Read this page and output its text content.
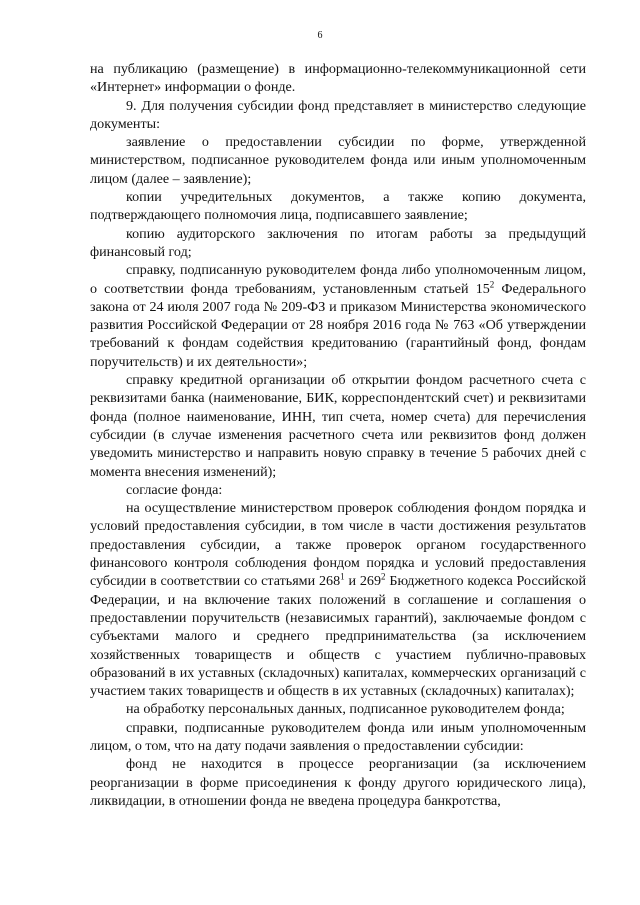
6

на публикацию (размещение) в информационно-телекоммуникационной сети «Интернет» информации о фонде.

9. Для получения субсидии фонд представляет в министерство следующие документы:

заявление о предоставлении субсидии по форме, утвержденной министерством, подписанное руководителем фонда или иным уполномоченным лицом (далее – заявление);

копии учредительных документов, а также копию документа, подтверждающего полномочия лица, подписавшего заявление;

копию аудиторского заключения по итогам работы за предыдущий финансовый год;

справку, подписанную руководителем фонда либо уполномоченным лицом, о соответствии фонда требованиям, установленным статьей $15^2$ Федерального закона от 24 июля 2007 года № 209-ФЗ и приказом Министерства экономического развития Российской Федерации от 28 ноября 2016 года № 763 «Об утверждении требований к фондам содействия кредитованию (гарантийный фонд, фондам поручительств) и их деятельности»;

справку кредитной организации об открытии фондом расчетного счета с реквизитами банка (наименование, БИК, корреспондентский счет) и реквизитами фонда (полное наименование, ИНН, тип счета, номер счета) для перечисления субсидии (в случае изменения расчетного счета или реквизитов фонд должен уведомить министерство и направить новую справку в течение 5 рабочих дней с момента внесения изменений);

согласие фонда:

на осуществление министерством проверок соблюдения фондом порядка и условий предоставления субсидии, в том числе в части достижения результатов предоставления субсидии, а также проверок органом государственного финансового контроля соблюдения фондом порядка и условий предоставления субсидии в соответствии со статьями $268^1$ и $269^2$ Бюджетного кодекса Российской Федерации, и на включение таких положений в соглашение и соглашения о предоставлении поручительств (независимых гарантий), заключаемые фондом с субъектами малого и среднего предпринимательства (за исключением хозяйственных товариществ и обществ с участием публично-правовых образований в их уставных (складочных) капиталах, коммерческих организаций с участием таких товариществ и обществ в их уставных (складочных) капиталах);

на обработку персональных данных, подписанное руководителем фонда;

справки, подписанные руководителем фонда или иным уполномоченным лицом, о том, что на дату подачи заявления о предоставлении субсидии:

фонд не находится в процессе реорганизации (за исключением реорганизации в форме присоединения к фонду другого юридического лица), ликвидации, в отношении фонда не введена процедура банкротства,
